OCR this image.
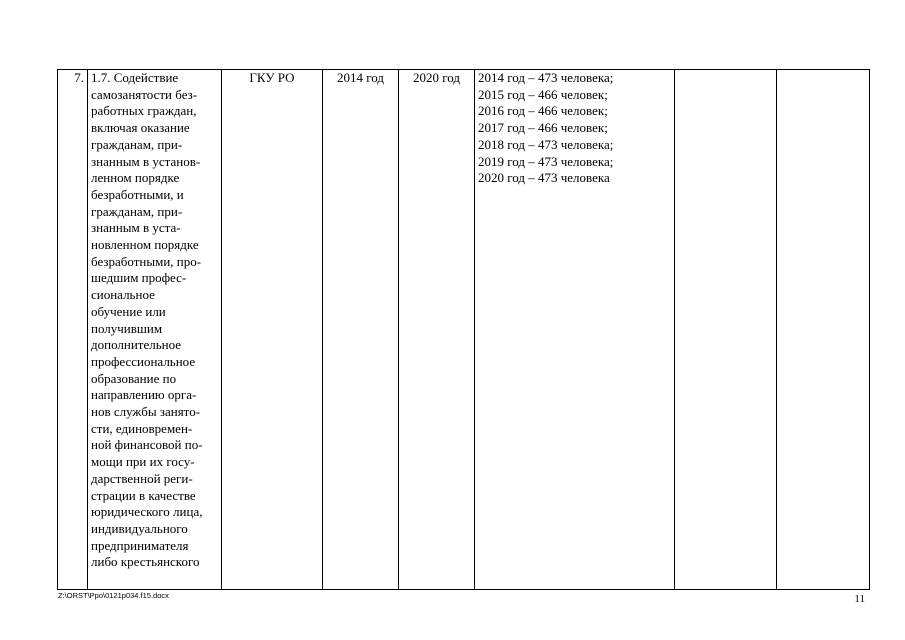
7.	1.7. Содействие
самозанятости без-
работных граждан,
включая оказание
гражданам, при-
знанным в установ-
ленном порядке
безработными, и
гражданам, при-
знанным в уста-
новленном порядке
безработными, про-
шедшим профес-
сиональное
обучение или
получившим
дополнительное
профессиональное
образование по
направлению орга-
нов службы занято-
сти, единовремен-
ной финансовой по-
мощи при их госу-
дарственной реги-
страции в качестве
юридического лица,
индивидуального
предпринимателя
либо крестьянского
	ГКУ РО	2014 год	2020 год	2014 год – 473 человека;
2015 год – 466 человек;
2016 год – 466 человек;
2017 год – 466 человек;
2018 год – 473 человека;
2019 год – 473 человека;
2020 год – 473 человека

Z:\ORST\Ppo\0121p034.f15.docx	11
